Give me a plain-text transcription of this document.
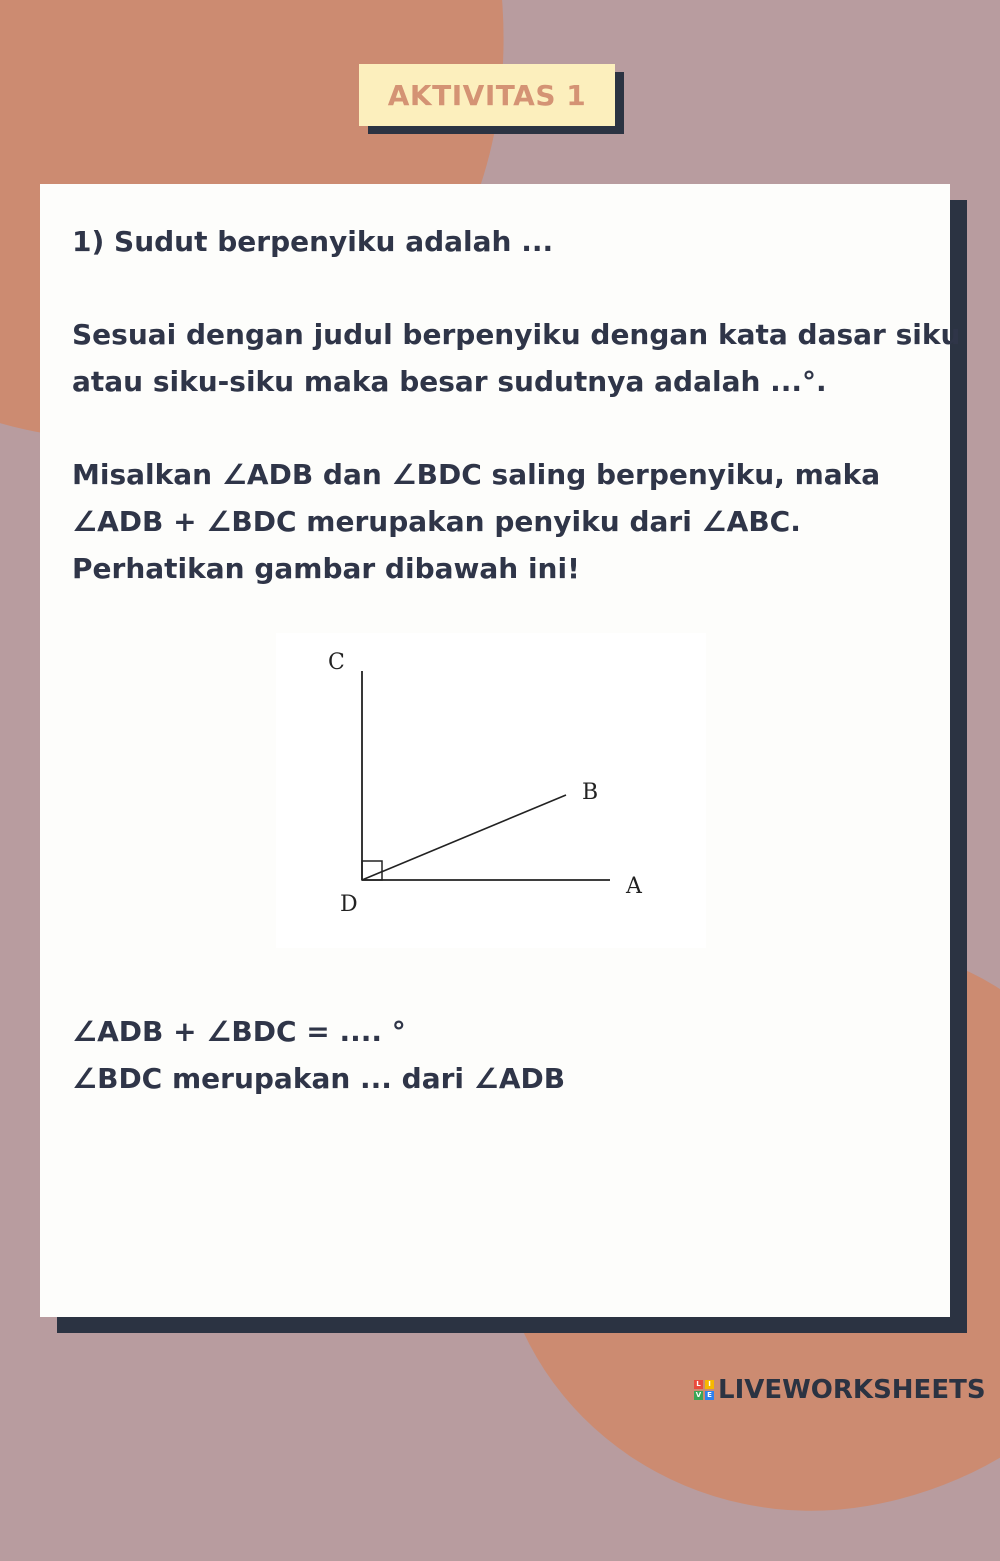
AKTIVITAS 1

1) Sudut berpenyiku adalah ...

Sesuai dengan judul berpenyiku dengan kata dasar siku

atau siku-siku maka besar sudutnya adalah ...°.

Misalkan ∠ADB dan ∠BDC saling berpenyiku, maka

∠ADB + ∠BDC merupakan penyiku dari ∠ABC.

Perhatikan gambar dibawah ini!

C
B
A
D

∠ADB + ∠BDC = .... °

∠BDC merupakan ... dari ∠ADB

L	I
V E LIVEWORKSHEETS
